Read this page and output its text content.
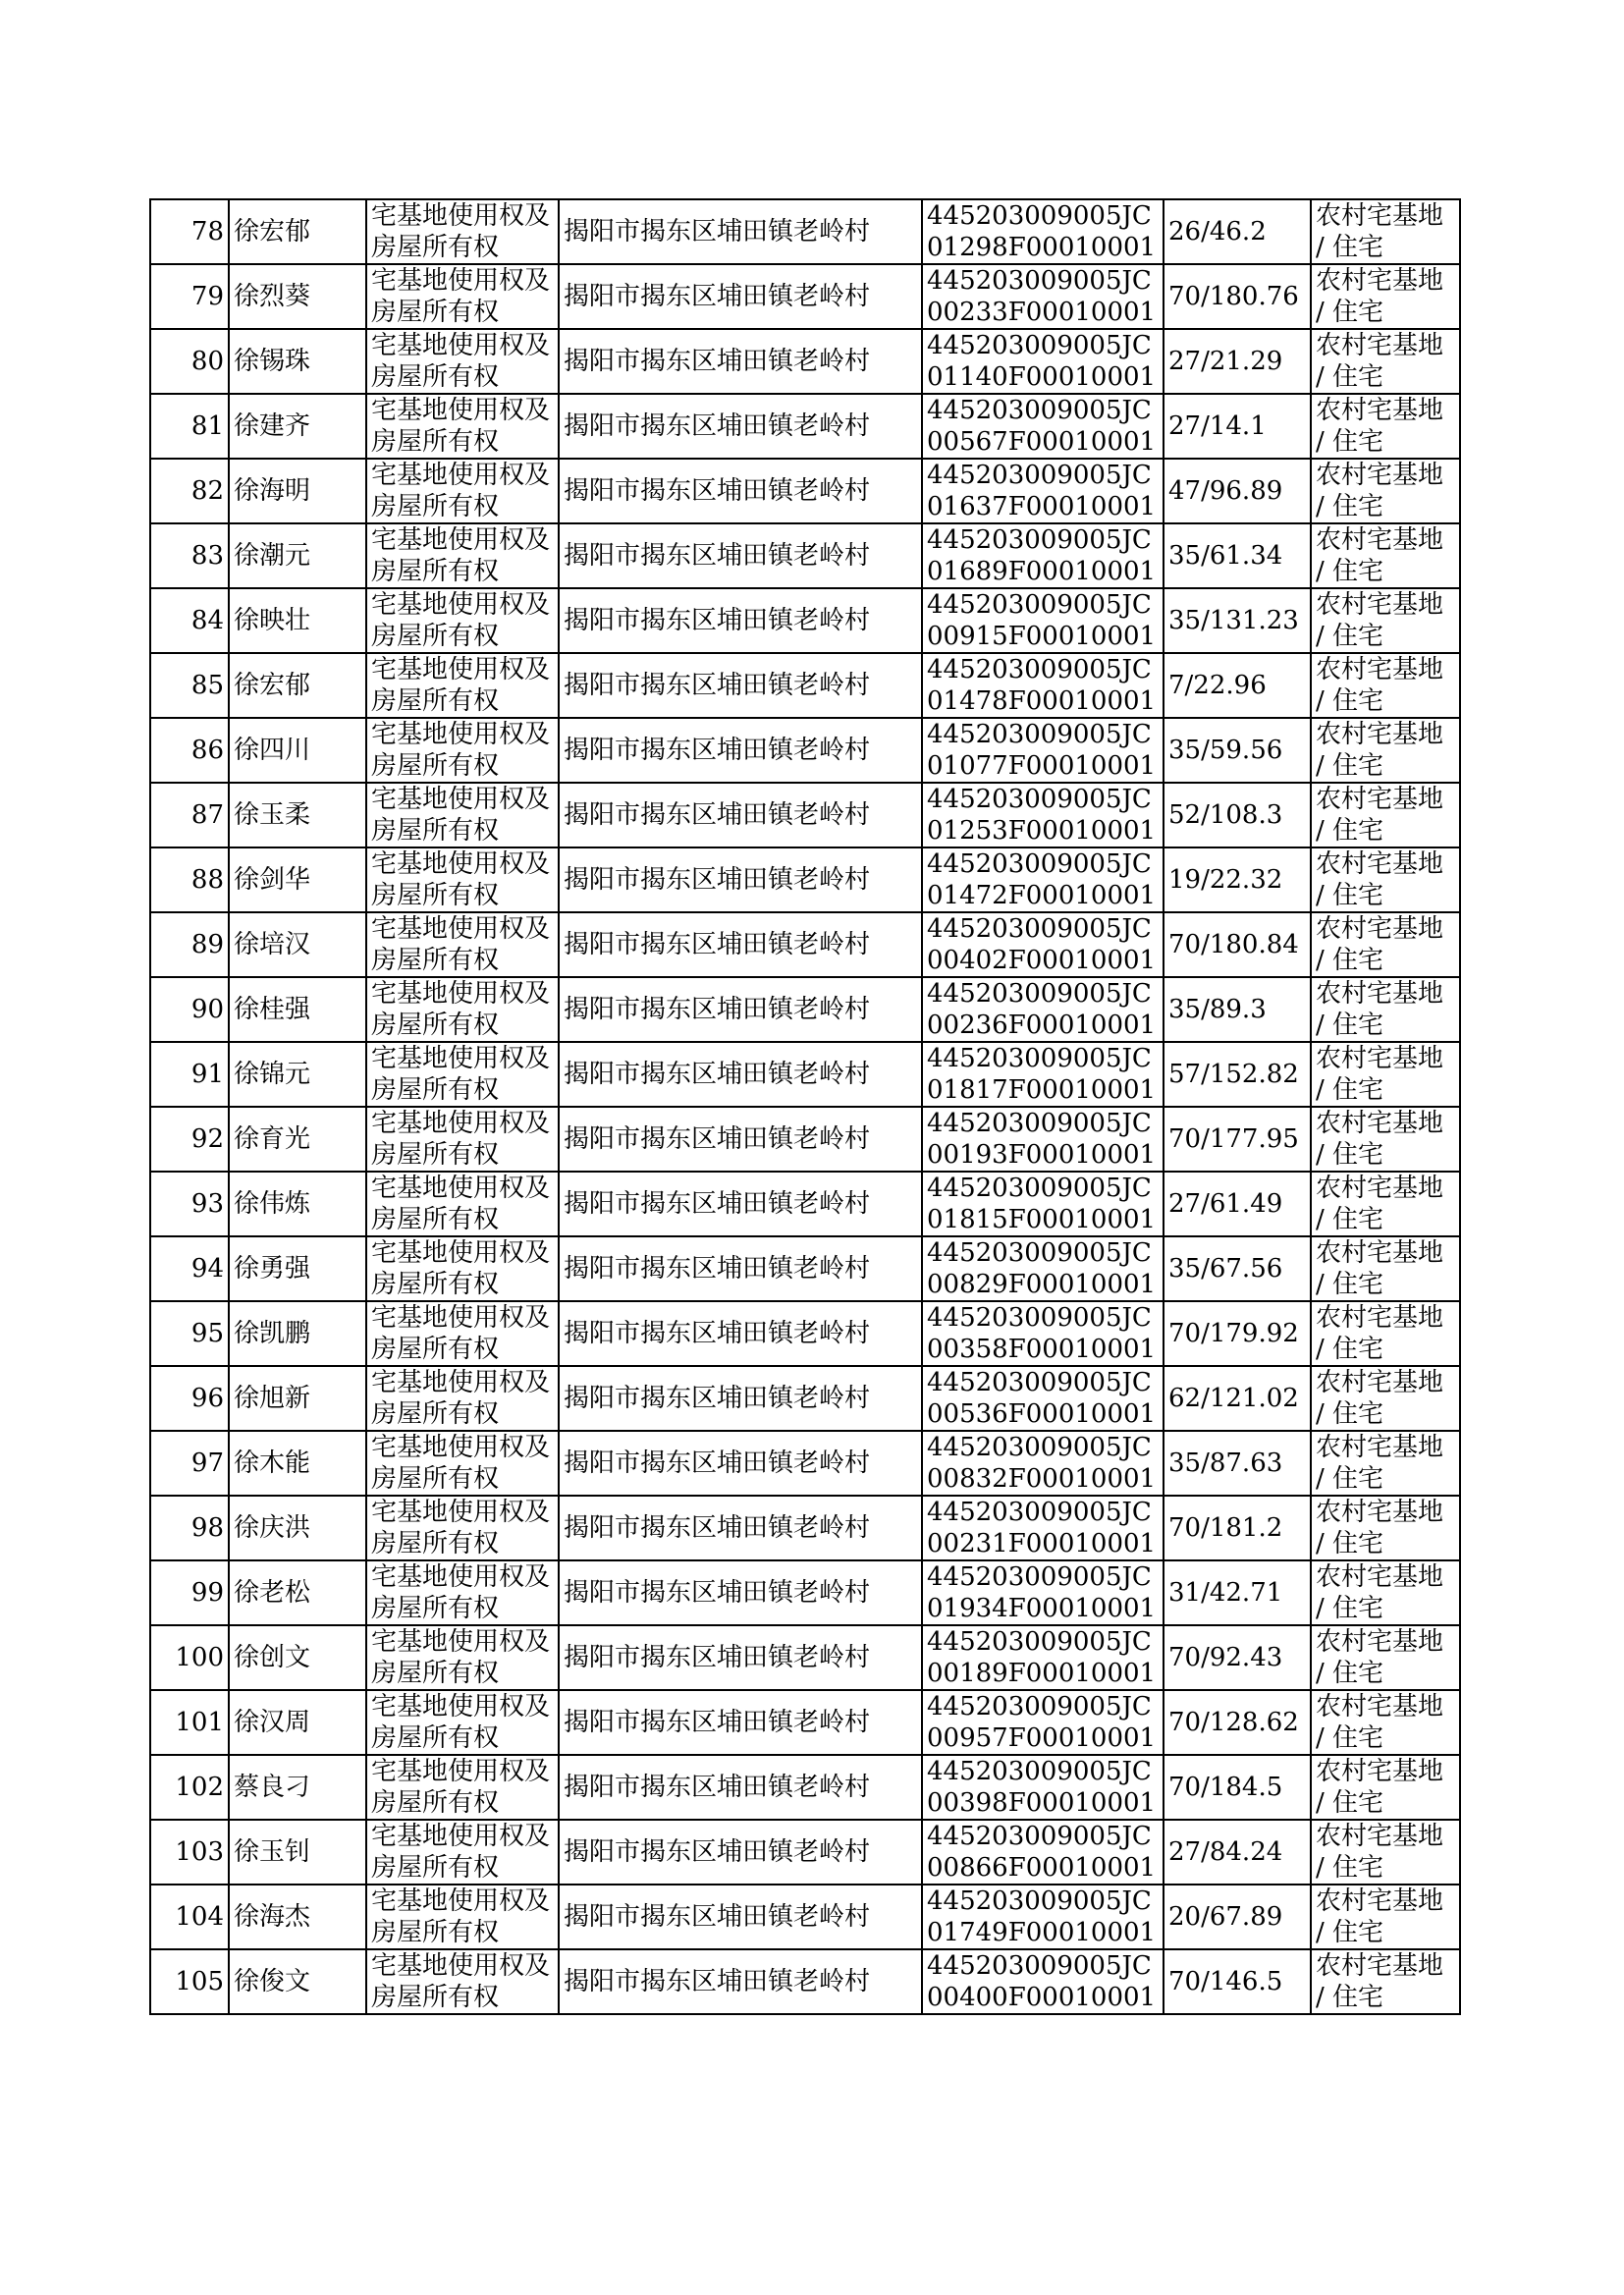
78	徐宏郁	宅基地使用权及房屋所有权	揭阳市揭东区埔田镇老岭村	445203009005JC01298F00010001	26/46.2	农村宅基地 / 住宅
79	徐烈葵	宅基地使用权及房屋所有权	揭阳市揭东区埔田镇老岭村	445203009005JC00233F00010001	70/180.76	农村宅基地 / 住宅
80	徐锡珠	宅基地使用权及房屋所有权	揭阳市揭东区埔田镇老岭村	445203009005JC01140F00010001	27/21.29	农村宅基地 / 住宅
81	徐建齐	宅基地使用权及房屋所有权	揭阳市揭东区埔田镇老岭村	445203009005JC00567F00010001	27/14.1	农村宅基地 / 住宅
82	徐海明	宅基地使用权及房屋所有权	揭阳市揭东区埔田镇老岭村	445203009005JC01637F00010001	47/96.89	农村宅基地 / 住宅
83	徐潮元	宅基地使用权及房屋所有权	揭阳市揭东区埔田镇老岭村	445203009005JC01689F00010001	35/61.34	农村宅基地 / 住宅
84	徐映壮	宅基地使用权及房屋所有权	揭阳市揭东区埔田镇老岭村	445203009005JC00915F00010001	35/131.23	农村宅基地 / 住宅
85	徐宏郁	宅基地使用权及房屋所有权	揭阳市揭东区埔田镇老岭村	445203009005JC01478F00010001	7/22.96	农村宅基地 / 住宅
86	徐四川	宅基地使用权及房屋所有权	揭阳市揭东区埔田镇老岭村	445203009005JC01077F00010001	35/59.56	农村宅基地 / 住宅
87	徐玉柔	宅基地使用权及房屋所有权	揭阳市揭东区埔田镇老岭村	445203009005JC01253F00010001	52/108.3	农村宅基地 / 住宅
88	徐剑华	宅基地使用权及房屋所有权	揭阳市揭东区埔田镇老岭村	445203009005JC01472F00010001	19/22.32	农村宅基地 / 住宅
89	徐培汉	宅基地使用权及房屋所有权	揭阳市揭东区埔田镇老岭村	445203009005JC00402F00010001	70/180.84	农村宅基地 / 住宅
90	徐桂强	宅基地使用权及房屋所有权	揭阳市揭东区埔田镇老岭村	445203009005JC00236F00010001	35/89.3	农村宅基地 / 住宅
91	徐锦元	宅基地使用权及房屋所有权	揭阳市揭东区埔田镇老岭村	445203009005JC01817F00010001	57/152.82	农村宅基地 / 住宅
92	徐育光	宅基地使用权及房屋所有权	揭阳市揭东区埔田镇老岭村	445203009005JC00193F00010001	70/177.95	农村宅基地 / 住宅
93	徐伟炼	宅基地使用权及房屋所有权	揭阳市揭东区埔田镇老岭村	445203009005JC01815F00010001	27/61.49	农村宅基地 / 住宅
94	徐勇强	宅基地使用权及房屋所有权	揭阳市揭东区埔田镇老岭村	445203009005JC00829F00010001	35/67.56	农村宅基地 / 住宅
95	徐凯鹏	宅基地使用权及房屋所有权	揭阳市揭东区埔田镇老岭村	445203009005JC00358F00010001	70/179.92	农村宅基地 / 住宅
96	徐旭新	宅基地使用权及房屋所有权	揭阳市揭东区埔田镇老岭村	445203009005JC00536F00010001	62/121.02	农村宅基地 / 住宅
97	徐木能	宅基地使用权及房屋所有权	揭阳市揭东区埔田镇老岭村	445203009005JC00832F00010001	35/87.63	农村宅基地 / 住宅
98	徐庆洪	宅基地使用权及房屋所有权	揭阳市揭东区埔田镇老岭村	445203009005JC00231F00010001	70/181.2	农村宅基地 / 住宅
99	徐老松	宅基地使用权及房屋所有权	揭阳市揭东区埔田镇老岭村	445203009005JC01934F00010001	31/42.71	农村宅基地 / 住宅
100	徐创文	宅基地使用权及房屋所有权	揭阳市揭东区埔田镇老岭村	445203009005JC00189F00010001	70/92.43	农村宅基地 / 住宅
101	徐汉周	宅基地使用权及房屋所有权	揭阳市揭东区埔田镇老岭村	445203009005JC00957F00010001	70/128.62	农村宅基地 / 住宅
102	蔡良刁	宅基地使用权及房屋所有权	揭阳市揭东区埔田镇老岭村	445203009005JC00398F00010001	70/184.5	农村宅基地 / 住宅
103	徐玉钊	宅基地使用权及房屋所有权	揭阳市揭东区埔田镇老岭村	445203009005JC00866F00010001	27/84.24	农村宅基地 / 住宅
104	徐海杰	宅基地使用权及房屋所有权	揭阳市揭东区埔田镇老岭村	445203009005JC01749F00010001	20/67.89	农村宅基地 / 住宅
105	徐俊文	宅基地使用权及房屋所有权	揭阳市揭东区埔田镇老岭村	445203009005JC00400F00010001	70/146.5	农村宅基地 / 住宅
